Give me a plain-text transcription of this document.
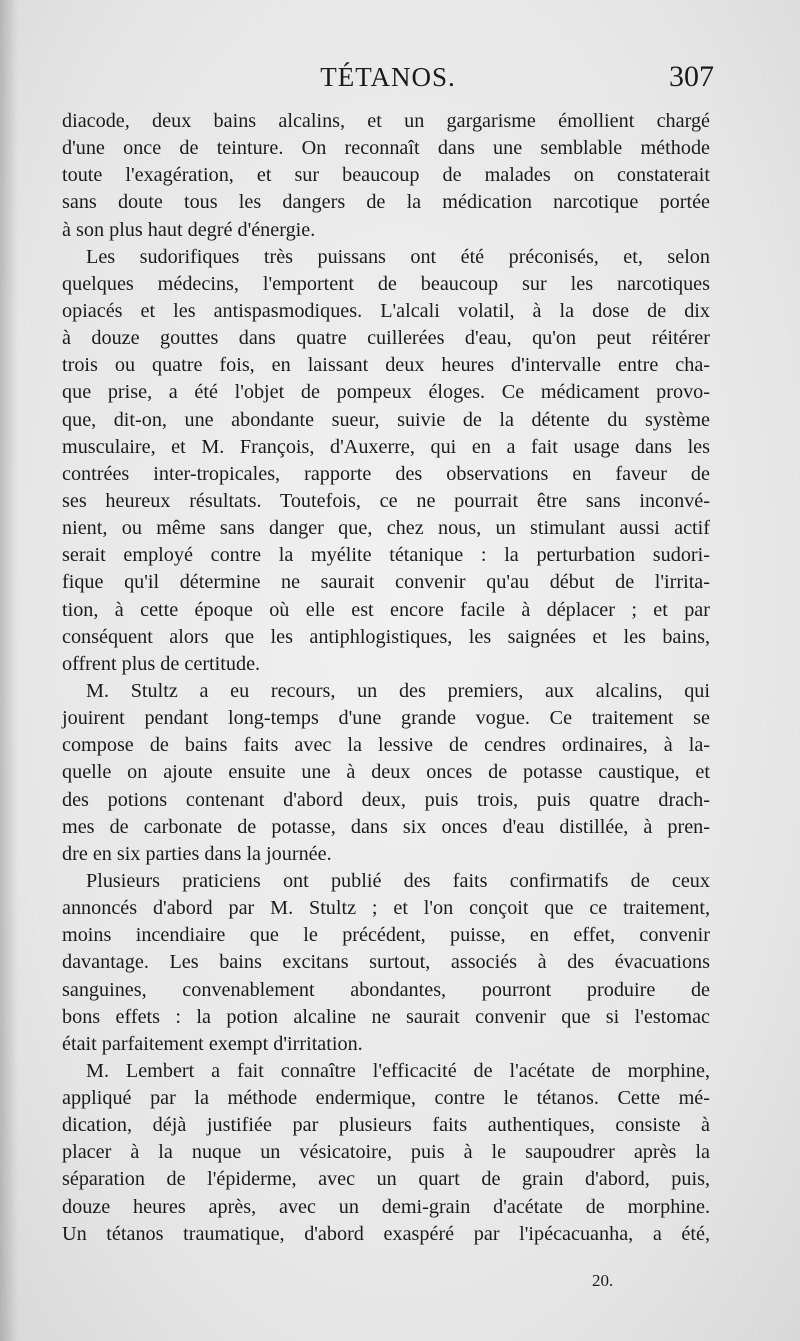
TÉTANOS.	307
diacode, deux bains alcalins, et un gargarisme émollient chargé
d'une once de teinture. On reconnaît dans une semblable méthode
toute l'exagération, et sur beaucoup de malades on constaterait
sans doute tous les dangers de la médication narcotique portée
à son plus haut degré d'énergie.
Les sudorifiques très puissans ont été préconisés, et, selon
quelques médecins, l'emportent de beaucoup sur les narcotiques
opiacés et les antispasmodiques. L'alcali volatil, à la dose de dix
à douze gouttes dans quatre cuillerées d'eau, qu'on peut réitérer
trois ou quatre fois, en laissant deux heures d'intervalle entre cha-
que prise, a été l'objet de pompeux éloges. Ce médicament provo-
que, dit-on, une abondante sueur, suivie de la détente du système
musculaire, et M. François, d'Auxerre, qui en a fait usage dans les
contrées inter-tropicales, rapporte des observations en faveur de
ses heureux résultats. Toutefois, ce ne pourrait être sans inconvé-
nient, ou même sans danger que, chez nous, un stimulant aussi actif
serait employé contre la myélite tétanique : la perturbation sudori-
fique qu'il détermine ne saurait convenir qu'au début de l'irrita-
tion, à cette époque où elle est encore facile à déplacer ; et par
conséquent alors que les antiphlogistiques, les saignées et les bains,
offrent plus de certitude.
M. Stultz a eu recours, un des premiers, aux alcalins, qui
jouirent pendant long-temps d'une grande vogue. Ce traitement se
compose de bains faits avec la lessive de cendres ordinaires, à la-
quelle on ajoute ensuite une à deux onces de potasse caustique, et
des potions contenant d'abord deux, puis trois, puis quatre drach-
mes de carbonate de potasse, dans six onces d'eau distillée, à pren-
dre en six parties dans la journée.
Plusieurs praticiens ont publié des faits confirmatifs de ceux
annoncés d'abord par M. Stultz ; et l'on conçoit que ce traitement,
moins incendiaire que le précédent, puisse, en effet, convenir
davantage. Les bains excitans surtout, associés à des évacuations
sanguines, convenablement abondantes, pourront produire de
bons effets : la potion alcaline ne saurait convenir que si l'estomac
était parfaitement exempt d'irritation.
M. Lembert a fait connaître l'efficacité de l'acétate de morphine,
appliqué par la méthode endermique, contre le tétanos. Cette mé-
dication, déjà justifiée par plusieurs faits authentiques, consiste à
placer à la nuque un vésicatoire, puis à le saupoudrer après la
séparation de l'épiderme, avec un quart de grain d'abord, puis,
douze heures après, avec un demi-grain d'acétate de morphine.
Un tétanos traumatique, d'abord exaspéré par l'ipécacuanha, a été,
20.
